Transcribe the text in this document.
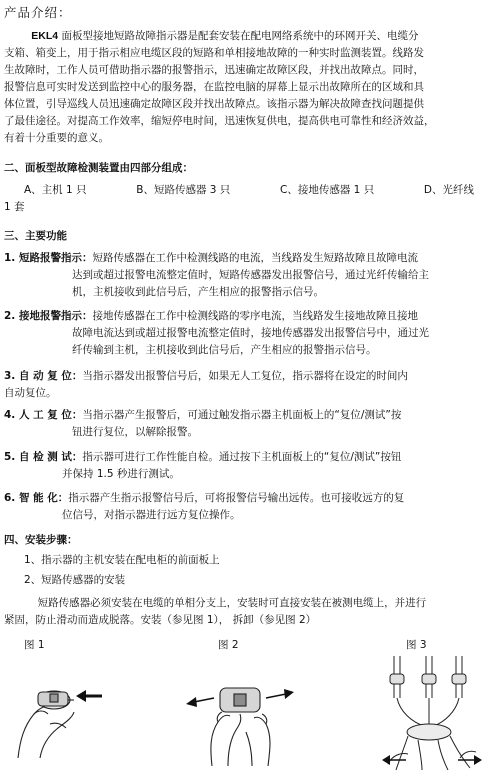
产品介绍：
EKL4 面板型接地短路故障指示器是配套安装在配电网络系统中的环网开关、电缆分
支箱、箱变上，用于指示相应电缆区段的短路和单相接地故障的一种实时监测装置。线路发
生故障时，工作人员可借助指示器的报警指示，迅速确定故障区段，并找出故障点。同时，
报警信息可实时发送到监控中心的服务器，在监控电脑的屏幕上显示出故障所在的区域和具
体位置，引导巡线人员迅速确定故障区段并找出故障点。该指示器为解决故障查找问题提供
了最佳途径。对提高工作效率，缩短停电时间，迅速恢复供电，提高供电可靠性和经济效益，
有着十分重要的意义。
二、面板型故障检测装置由四部分组成：
A、主机 1 只	B、短路传感器 3 只	C、接地传感器 1 只	D、光纤线
1 套
三、主要功能
1. 短路报警指示： 短路传感器在工作中检测线路的电流，当线路发生短路故障且故障电流
达到或超过报警电流整定值时，短路传感器发出报警信号，通过光纤传输给主
机，主机接收到此信号后，产生相应的报警指示信号。
2. 接地报警指示： 接地传感器在工作中检测线路的零序电流，当线路发生接地故障且接地
故障电流达到或超过报警电流整定值时，接地传感器发出报警信号中，通过光
纤传输到主机，主机接收到此信号后，产生相应的报警指示信号。
3. 自 动 复 位： 当指示器发出报警信号后，如果无人工复位，指示器将在设定的时间内
自动复位。
4. 人 工 复 位： 当指示器产生报警后，可通过触发指示器主机面板上的“复位/测试”按
钮进行复位，以解除报警。
5. 自 检 测 试： 指示器可进行工作性能自检。通过按下主机面板上的“复位/测试”按钮
并保持 1.5 秒进行测试。
6. 智 能 化： 指示器产生指示报警信号后，可将报警信号输出远传。也可接收远方的复
位信号，对指示器进行远方复位操作。
四、安装步骤：
1、指示器的主机安装在配电柜的前面板上
2、短路传感器的安装
短路传感器必须安装在电缆的单相分支上，安装时可直接安装在被测电缆上，并进行
紧固，防止滑动而造成脱落。安装（参见图 1）， 拆卸（参见图 2）
图 1	图 2	图 3
